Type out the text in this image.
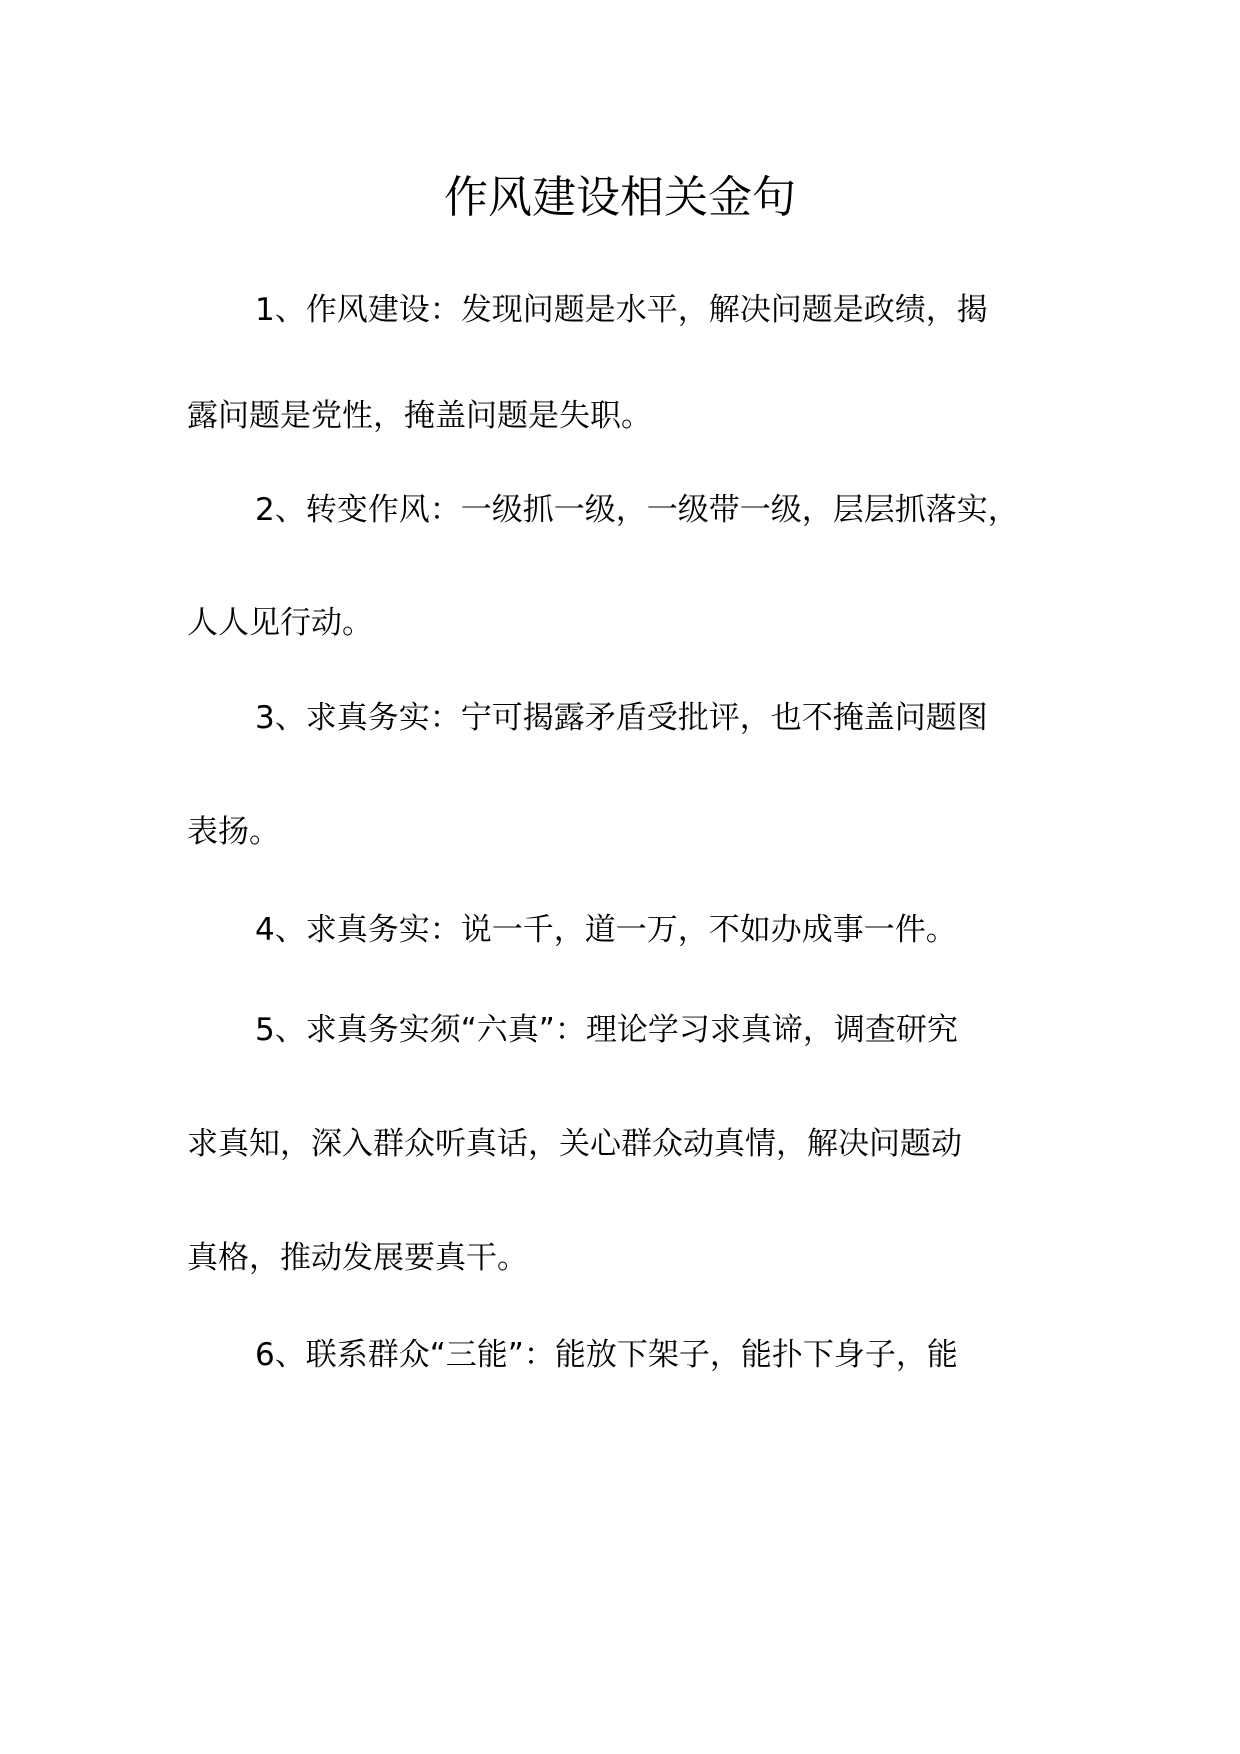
作风建设相关金句
1、作风建设：发现问题是水平，解决问题是政绩，揭
露问题是党性，掩盖问题是失职。
2、转变作风：一级抓一级，一级带一级，层层抓落实，
人人见行动。
3、求真务实：宁可揭露矛盾受批评，也不掩盖问题图
表扬。
4、求真务实：说一千，道一万，不如办成事一件。
5、求真务实须“六真”：理论学习求真谛，调查研究
求真知，深入群众听真话，关心群众动真情，解决问题动
真格，推动发展要真干。
6、联系群众“三能”：能放下架子，能扑下身子，能
